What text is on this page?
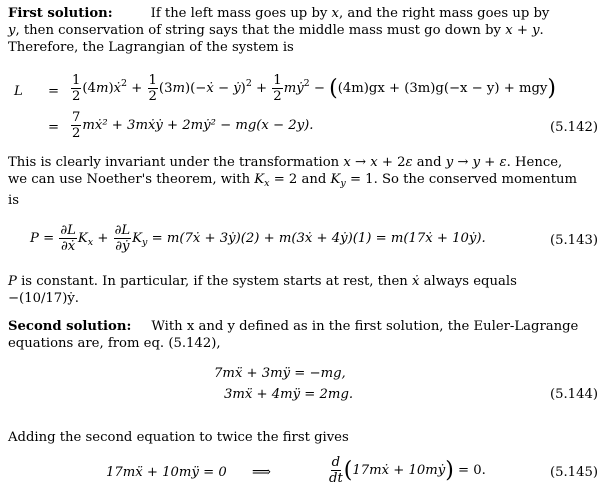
First solution:	If the left mass goes up by x, and the right mass goes up by
y, then conservation of string says that the middle mass must go down by x + y.
Therefore, the Lagrangian of the system is
$L = \frac{1}{2}$ (4m)ẋ$^2$ + $\frac{1}{2}$ (3m)(−ẋ − ẏ)$^2$ + $\frac{1}{2}$ mẏ$^2$ − ((4m)gx + (3m)g(−x − y) + mgy)
= $\frac{7}{2}$ mẋ² + 3mẋẏ + 2mẏ² − mg(x − 2y).	(5.142)
This is clearly invariant under the transformation x → x + 2ε and y → y + ε. Hence,
we can use Noether's theorem, with $K_x = 2$ and $K_y = 1$. So the conserved momentum
is
$P = \frac{\partial L}{\text{∂ẋ}} K_x + \frac{\partial L}{\text{∂ẏ}} K_y$ = m(7ẋ + 3ẏ)(2) + m(3ẋ + 4ẏ)(1) = m(17ẋ + 10ẏ).	(5.143)
P is constant. In particular, if the system starts at rest, then ẋ always equals
−(10/17)ẏ.
Second solution: With x and y defined as in the first solution, the Euler-Lagrange
equations are, from eq. (5.142),
7mẍ + 3mÿ = −mg,
3mẍ + 4mÿ = 2mg.	(5.144)
Adding the second equation to twice the first gives
17mẍ + 10mÿ = 0 ⟹	$\frac{d}{dt}$ (17mẋ + 10mẏ) = 0.	(5.145)
